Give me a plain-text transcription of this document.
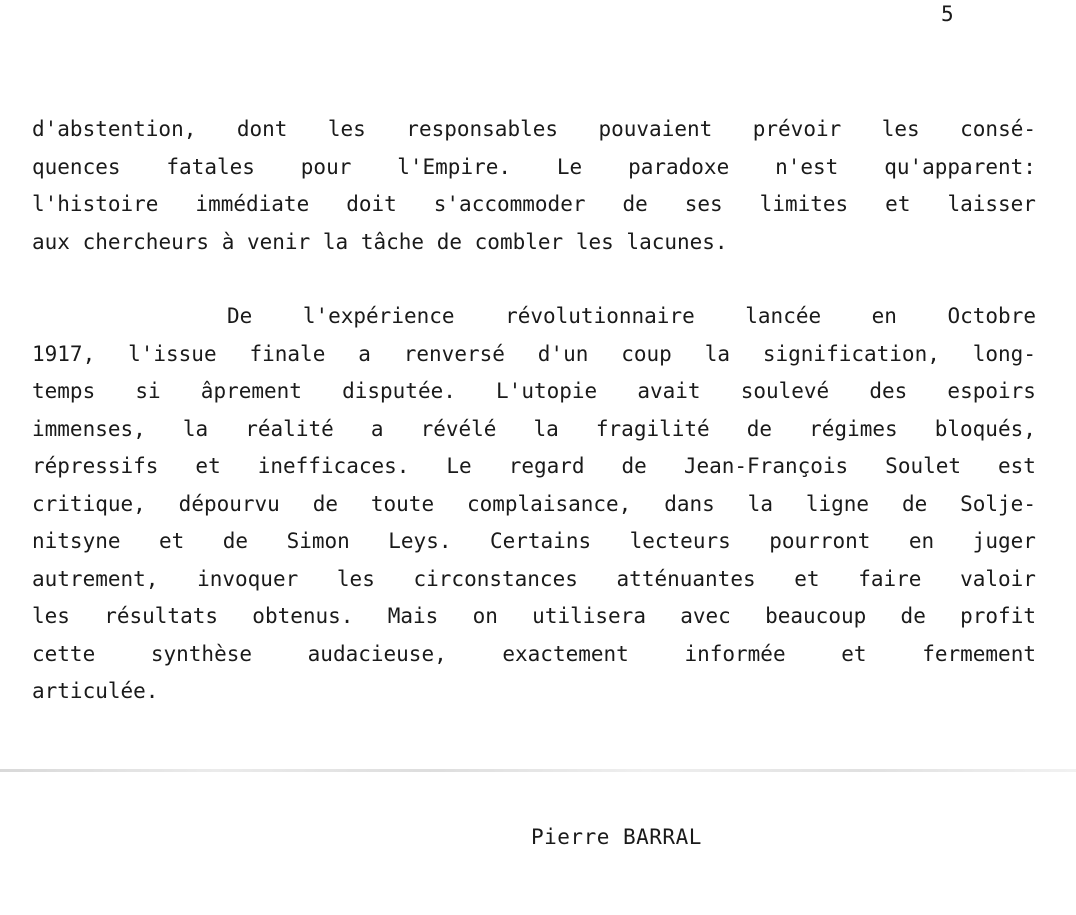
5
d'abstention, dont les responsables pouvaient prévoir les consé-
quences fatales pour l'Empire. Le paradoxe n'est qu'apparent:
l'histoire immédiate doit s'accommoder de ses limites et laisser
aux
chercheurs
à
venir
la
tâche
de
combler
les
lacunes.
De l'expérience révolutionnaire lancée en Octobre
1917, l'issue finale a renversé d'un coup la signification, long-
temps si âprement disputée. L'utopie avait soulevé des espoirs
immenses, la réalité a révélé la fragilité de régimes bloqués,
répressifs et inefficaces. Le regard de Jean-François Soulet est
critique, dépourvu de toute complaisance, dans la ligne de Solje-
nitsyne et de Simon Leys. Certains lecteurs pourront en juger
autrement, invoquer les circonstances atténuantes et faire valoir
les résultats obtenus. Mais on utilisera avec beaucoup de profit
cette	synthèse	audacieuse,	exactement	informée	et	fermement
articulée.
Pierre BARRAL
